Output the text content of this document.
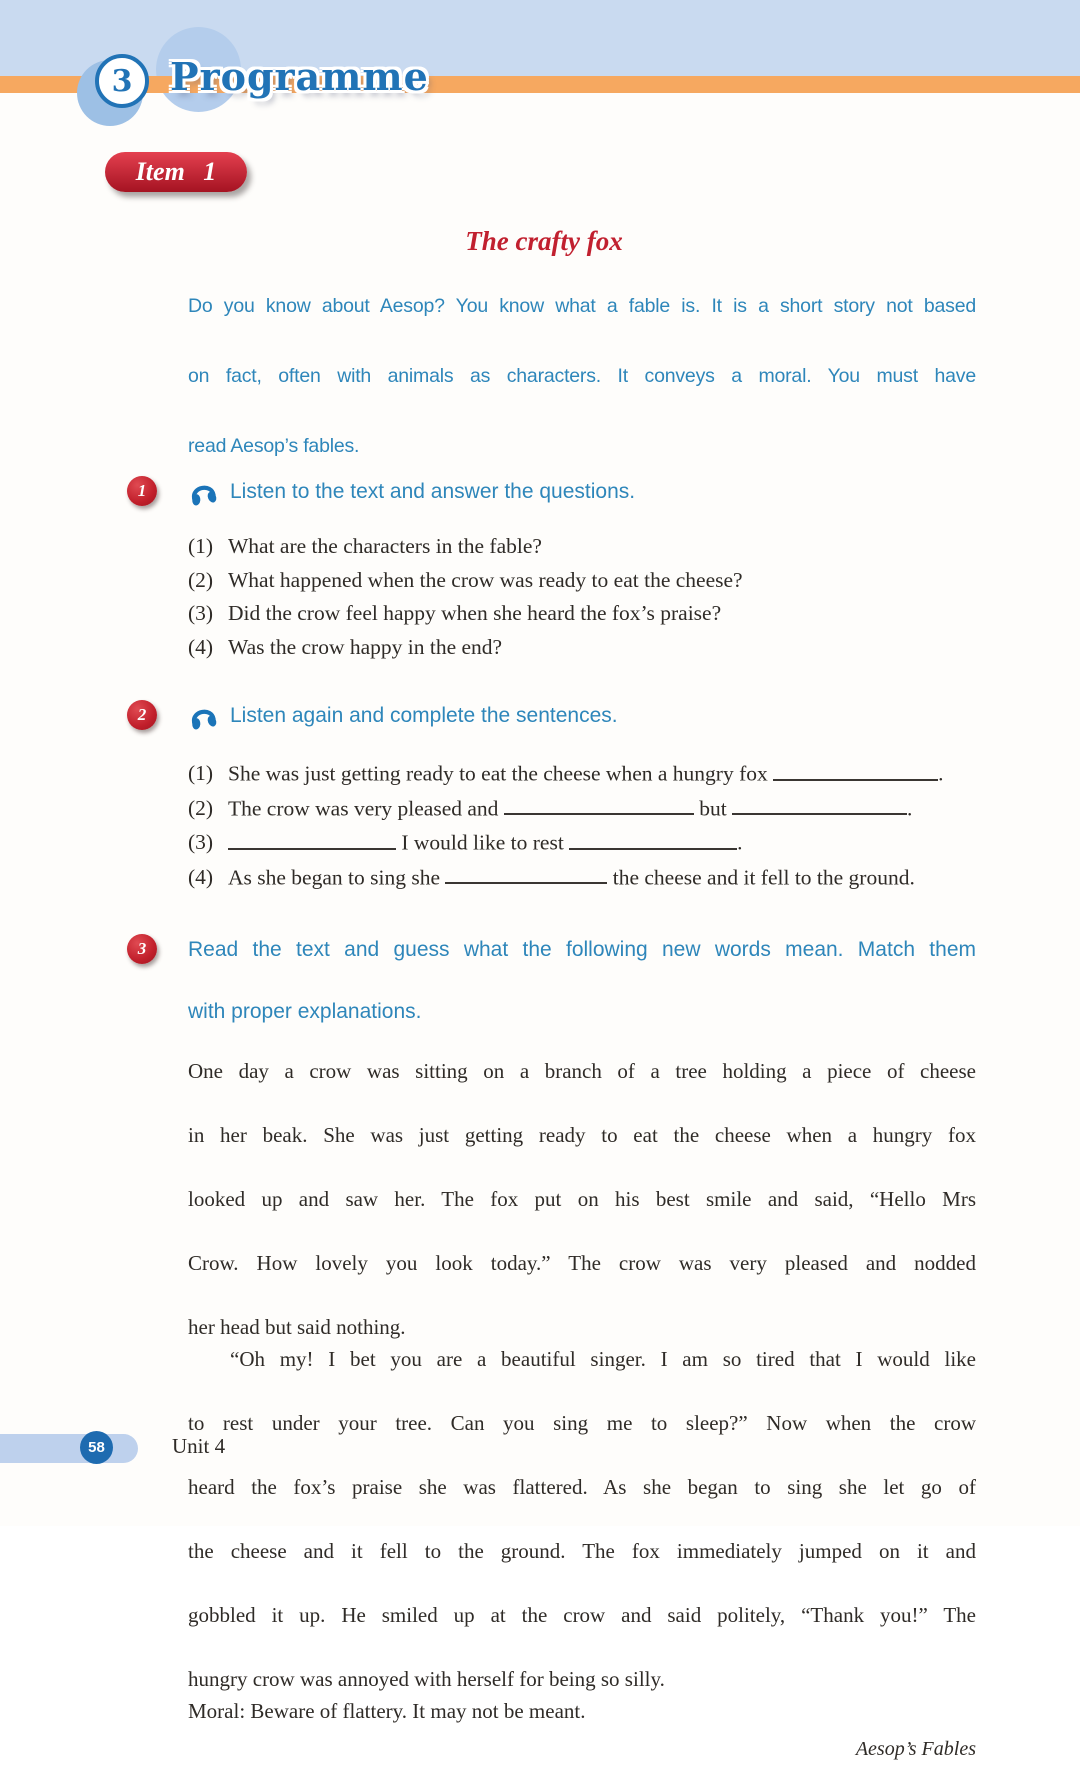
3 Programme
Item 1
The crafty fox
Do you know about Aesop? You know what a fable is. It is a short story not based
on fact, often with animals as characters. It conveys a moral. You must have
read Aesop’s fables.
1	Listen to the text and answer the questions.
(1) What are the characters in the fable?
(2) What happened when the crow was ready to eat the cheese?
(3) Did the crow feel happy when she heard the fox’s praise?
(4) Was the crow happy in the end?
2	Listen again and complete the sentences.
(1) She was just getting ready to eat the cheese when a hungry fox	.
(2) The crow was very pleased and	but	.
(3)	I would like to rest	.
(4) As she began to sing she	the cheese and it fell to the ground.
3 Read the text and guess what the following new words mean. Match them
with proper explanations.
One day a crow was sitting on a branch of a tree holding a piece of cheese
in her beak. She was just getting ready to eat the cheese when a hungry fox
looked up and saw her. The fox put on his best smile and said, “Hello Mrs
Crow. How lovely you look today.” The crow was very pleased and nodded
her head but said nothing.
“Oh my! I bet you are a beautiful singer. I am so tired that I would like
to rest under your tree. Can you sing me to sleep?” Now when the crow
heard the fox’s praise she was flattered. As she began to sing she let go of
the cheese and it fell to the ground. The fox immediately jumped on it and
gobbled it up. He smiled up at the crow and said politely, “Thank you!” The
hungry crow was annoyed with herself for being so silly.
Moral: Beware of flattery. It may not be meant.
Aesop’s Fables
58	Unit 4
